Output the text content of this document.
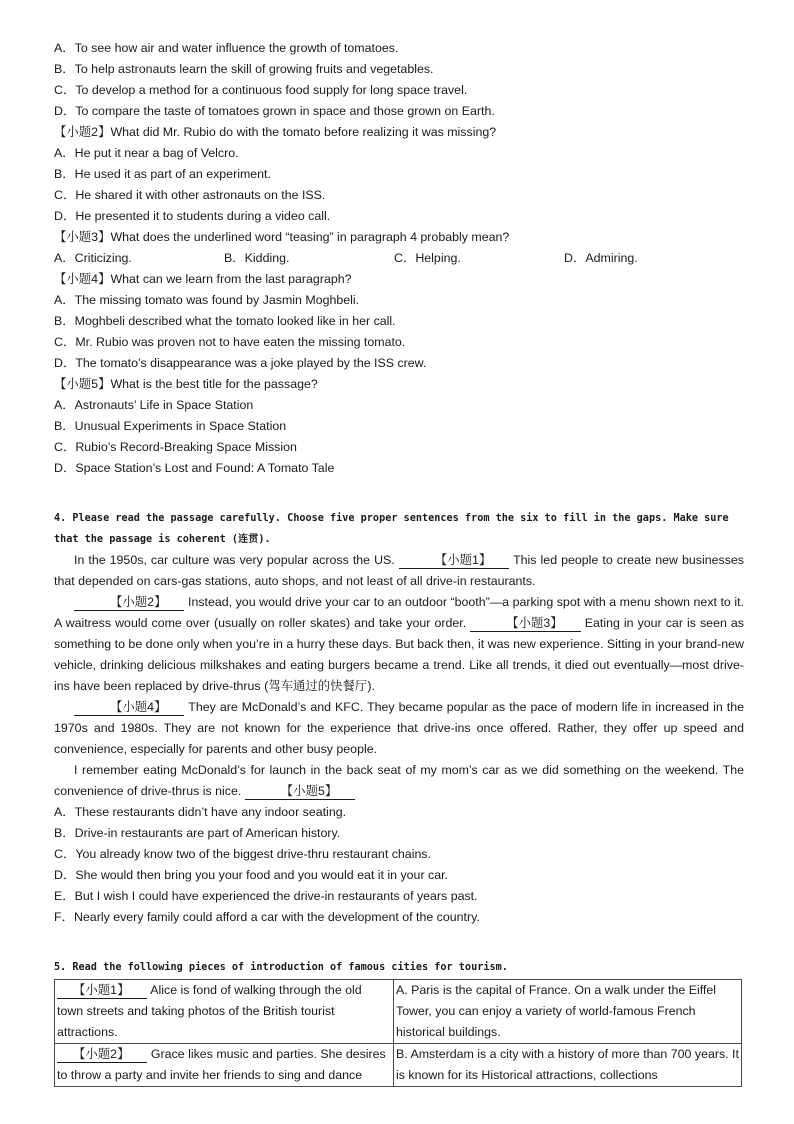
A．To see how air and water influence the growth of tomatoes.
B．To help astronauts learn the skill of growing fruits and vegetables.
C．To develop a method for a continuous food supply for long space travel.
D．To compare the taste of tomatoes grown in space and those grown on Earth.
【小题2】What did Mr. Rubio do with the tomato before realizing it was missing?
A．He put it near a bag of Velcro.
B．He used it as part of an experiment.
C．He shared it with other astronauts on the ISS.
D．He presented it to students during a video call.
【小题3】What does the underlined word “teasing” in paragraph 4 probably mean?
A．Criticizing.	B．Kidding.	C．Helping.	D．Admiring.
【小题4】What can we learn from the last paragraph?
A．The missing tomato was found by Jasmin Moghbeli.
B．Moghbeli described what the tomato looked like in her call.
C．Mr. Rubio was proven not to have eaten the missing tomato.
D．The tomato’s disappearance was a joke played by the ISS crew.
【小题5】What is the best title for the passage?
A．Astronauts’ Life in Space Station
B．Unusual Experiments in Space Station
C．Rubio’s Record-Breaking Space Mission
D．Space Station’s Lost and Found: A Tomato Tale
4. Please read the passage carefully. Choose five proper sentences from the six to fill in the gaps. Make sure
that the passage is coherent (连贯).
In the 1950s, car culture was very popular across the US.	【小题1】 This led people to create new businesses that depended on cars-gas stations, auto shops, and not least of all drive-in restaurants.
【小题2】 Instead, you would drive your car to an outdoor “booth”—a parking spot with a menu shown next to it. A waitress would come over (usually on roller skates) and take your order.	【小题3】 Eating in your car is seen as something to be done only when you’re in a hurry these days. But back then, it was new experience. Sitting in your brand-new vehicle, drinking delicious milkshakes and eating burgers became a trend. Like all trends, it died out eventually—most drive-ins have been replaced by drive-thrus (驾车通过的快餐厅).
【小题4】 They are McDonald’s and KFC. They became popular as the pace of modern life in increased in the 1970s and 1980s. They are not known for the experience that drive-ins once offered. Rather, they offer up speed and convenience, especially for parents and other busy people.
I remember eating McDonald’s for launch in the back seat of my mom’s car as we did something on the weekend. The convenience of drive-thrus is nice.	【小题5】
A．These restaurants didn’t have any indoor seating.
B．Drive-in restaurants are part of American history.
C．You already know two of the biggest drive-thru restaurant chains.
D．She would then bring you your food and you would eat it in your car.
E．But I wish I could have experienced the drive-in restaurants of years past.
F．Nearly every family could afford a car with the development of the country.
5. Read the following pieces of introduction of famous cities for tourism.
【小题1】 Alice is fond of walking through the old town streets and taking photos of the British tourist attractions.	A. Paris is the capital of France. On a walk under the Eiffel Tower, you can enjoy a variety of world-famous French historical buildings.
【小题2】 Grace likes music and parties. She desires to throw a party and invite her friends to sing and dance	B. Amsterdam is a city with a history of more than 700 years. It is known for its Historical attractions, collections
